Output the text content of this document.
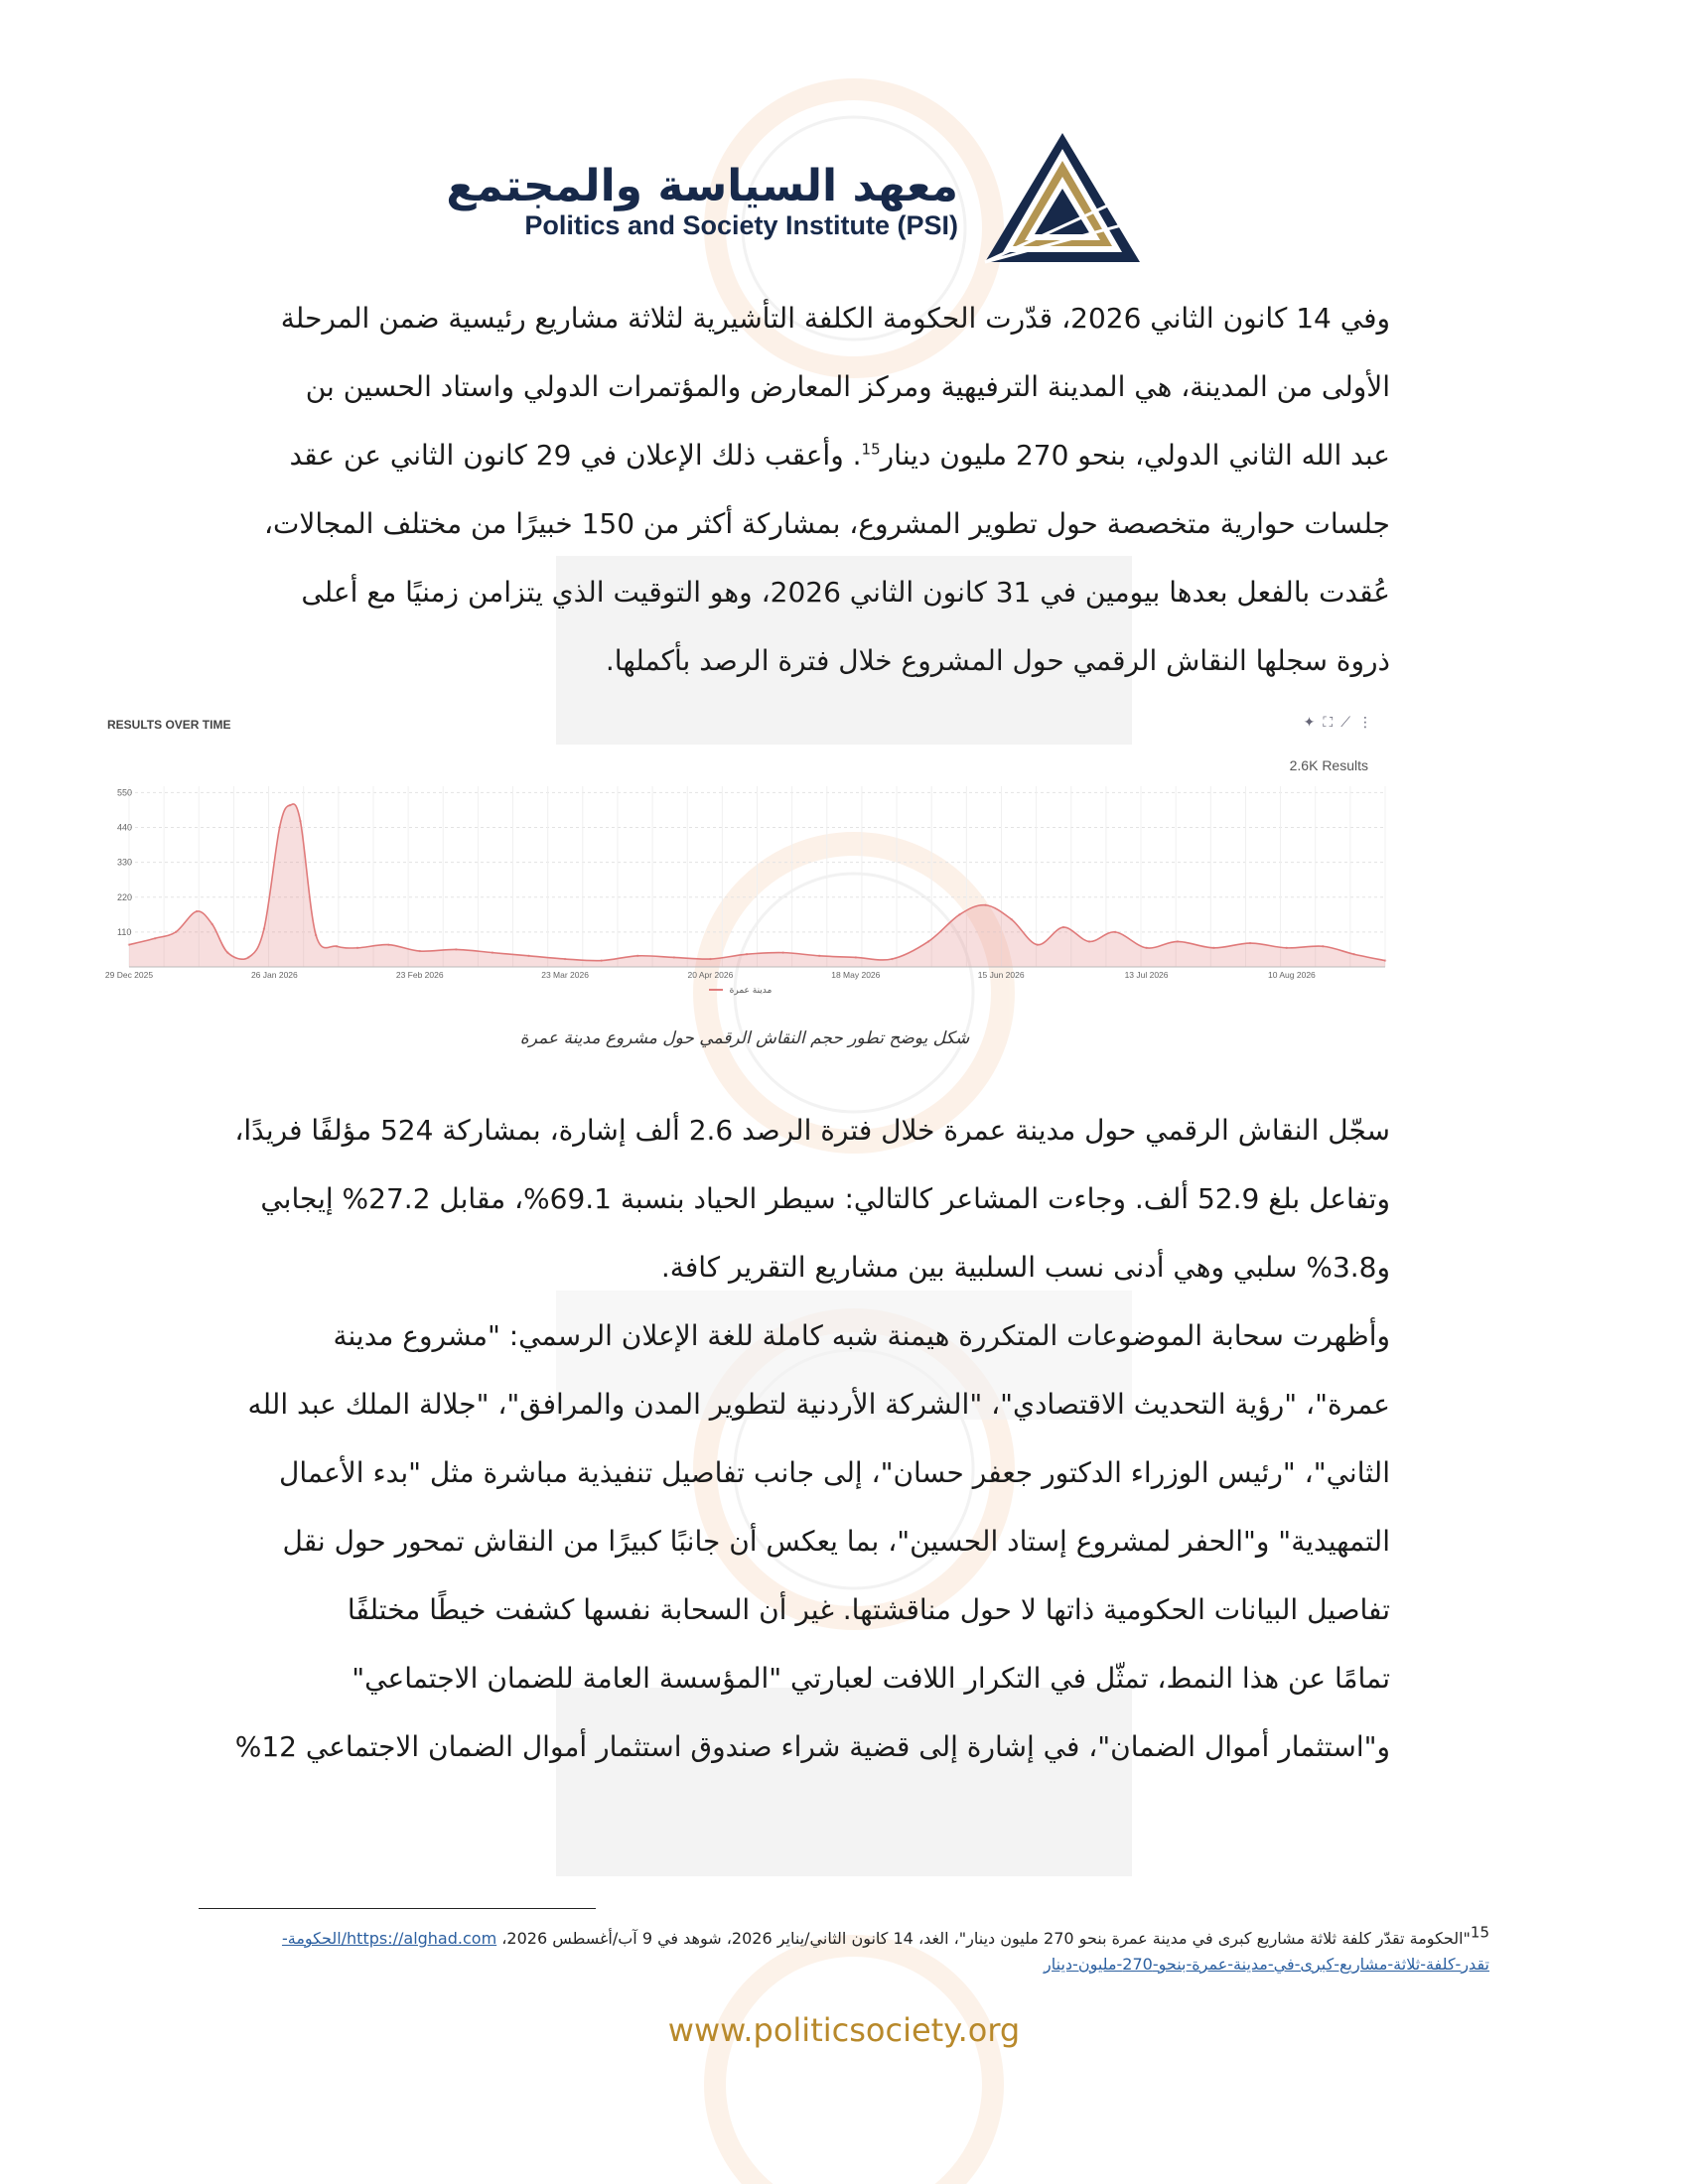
معهد السياسة والمجتمع
Politics and Society Institute (PSI)
وفي 14 كانون الثاني 2026، قدّرت الحكومة الكلفة التأشيرية لثلاثة مشاريع رئيسية ضمن المرحلة
الأولى من المدينة، هي المدينة الترفيهية ومركز المعارض والمؤتمرات الدولي واستاد الحسين بن
عبد الله الثاني الدولي، بنحو 270 مليون دينار$^{15}$. وأعقب ذلك الإعلان في 29 كانون الثاني عن عقد
جلسات حوارية متخصصة حول تطوير المشروع، بمشاركة أكثر من 150 خبيرًا من مختلف المجالات،
عُقدت بالفعل بعدها بيومين في 31 كانون الثاني 2026، وهو التوقيت الذي يتزامن زمنيًا مع أعلى
ذروة سجلها النقاش الرقمي حول المشروع خلال فترة الرصد بأكملها.
RESULTS OVER TIME	✦⛶⟋⋮
2.6K Results
110
220
330
440
550
29 Dec 2025	26 Jan 2026	23 Feb 2026	23 Mar 2026	20 Apr 2026	18 May 2026	15 Jun 2026	13 Jul 2026	10 Aug 2026
مدينة عمرة
شكل يوضح تطور حجم النقاش الرقمي حول مشروع مدينة عمرة
سجّل النقاش الرقمي حول مدينة عمرة خلال فترة الرصد 2.6 ألف إشارة، بمشاركة 524 مؤلفًا فريدًا،
وتفاعل بلغ 52.9 ألف. وجاءت المشاعر كالتالي: سيطر الحياد بنسبة 69.1%، مقابل 27.2% إيجابي
و3.8% سلبي وهي أدنى نسب السلبية بين مشاريع التقرير كافة.
وأظهرت سحابة الموضوعات المتكررة هيمنة شبه كاملة للغة الإعلان الرسمي: "مشروع مدينة
عمرة"، "رؤية التحديث الاقتصادي"، "الشركة الأردنية لتطوير المدن والمرافق"، "جلالة الملك عبد الله
الثاني"، "رئيس الوزراء الدكتور جعفر حسان"، إلى جانب تفاصيل تنفيذية مباشرة مثل "بدء الأعمال
التمهيدية" و"الحفر لمشروع إستاد الحسين"، بما يعكس أن جانبًا كبيرًا من النقاش تمحور حول نقل
تفاصيل البيانات الحكومية ذاتها لا حول مناقشتها. غير أن السحابة نفسها كشفت خيطًا مختلفًا
تمامًا عن هذا النمط، تمثّل في التكرار اللافت لعبارتي "المؤسسة العامة للضمان الاجتماعي"
و"استثمار أموال الضمان"، في إشارة إلى قضية شراء صندوق استثمار أموال الضمان الاجتماعي 12%
$^{15}$"الحكومة تقدّر كلفة ثلاثة مشاريع كبرى في مدينة عمرة بنحو 270 مليون دينار"، الغد، 14 كانون الثاني/يناير 2026، شوهد في 9 آب/أغسطس 2026، https://alghad.com/الحكومة-
تقدر-كلفة-ثلاثة-مشاريع-كبرى-في-مدينة-عمرة-بنحو-270-مليون-دينار
www.politicsociety.org
